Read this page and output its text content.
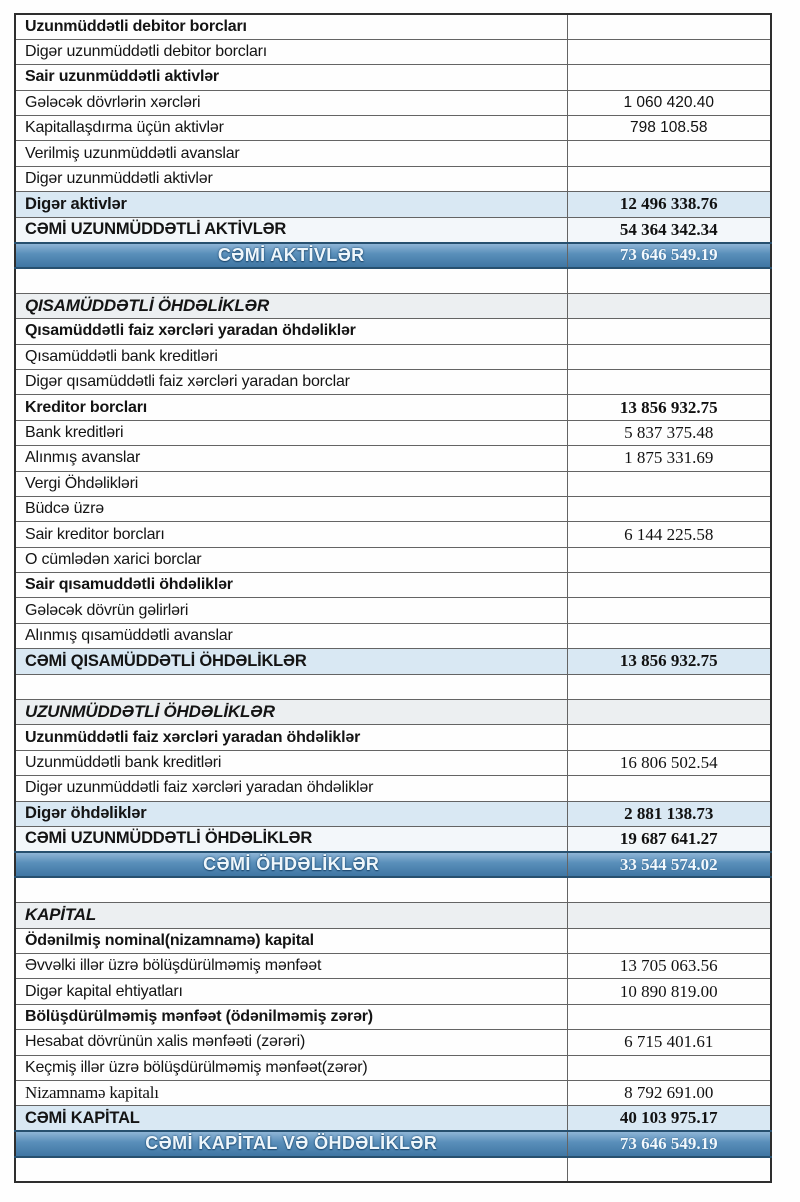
Uzunmüddətli debitor borcları	
Digər uzunmüddətli debitor borcları	
Sair uzunmüddətli aktivlər	
Gələcək dövrlərin xərcləri	1 060 420.40
Kapitallaşdırma üçün aktivlər	798 108.58
Verilmiş uzunmüddətli avanslar	
Digər uzunmüddətli aktivlər	
Digər aktivlər	12 496 338.76
CƏMİ UZUNMÜDDƏTLİ AKTİVLƏR	54 364 342.34
CƏMİ AKTİVLƏR	73 646 549.19

QISAMÜDDƏTLİ ÖHDƏLİKLƏR	
Qısamüddətli faiz xərcləri yaradan öhdəliklər	
Qısamüddətli bank kreditləri	
Digər qısamüddətli faiz xərcləri yaradan borclar	
Kreditor borcları	13 856 932.75
Bank kreditləri	5 837 375.48
Alınmış avanslar	1 875 331.69
Vergi Öhdəlikləri	
Büdcə üzrə	
Sair kreditor borcları	6 144 225.58
O cümlədən xarici borclar	
Sair qısamuddətli öhdəliklər	
Gələcək dövrün gəlirləri	
Alınmış qısamüddətli avanslar	
CƏMİ QISAMÜDDƏTLİ ÖHDƏLİKLƏR	13 856 932.75

UZUNMÜDDƏTLİ ÖHDƏLİKLƏR	
Uzunmüddətli faiz xərcləri yaradan öhdəliklər	
Uzunmüddətli bank kreditləri	16 806 502.54
Digər uzunmüddətli faiz xərcləri yaradan öhdəliklər	
Digər öhdəliklər	2 881 138.73
CƏMİ UZUNMÜDDƏTLİ ÖHDƏLİKLƏR	19 687 641.27
CƏMİ ÖHDƏLİKLƏR	33 544 574.02

KAPİTAL	
Ödənilmiş nominal(nizamnamə) kapital	
Əvvəlki illər üzrə bölüşdürülməmiş mənfəət	13 705 063.56
Digər kapital ehtiyatları	10 890 819.00
Bölüşdürülməmiş mənfəət (ödənilməmiş zərər)	
Hesabat dövrünün xalis mənfəəti (zərəri)	6 715 401.61
Keçmiş illər üzrə bölüşdürülməmiş mənfəət(zərər)	
Nizamnamə kapitalı	8 792 691.00
CƏMİ KAPİTAL	40 103 975.17
CƏMİ KAPİTAL VƏ ÖHDƏLİKLƏR	73 646 549.19
